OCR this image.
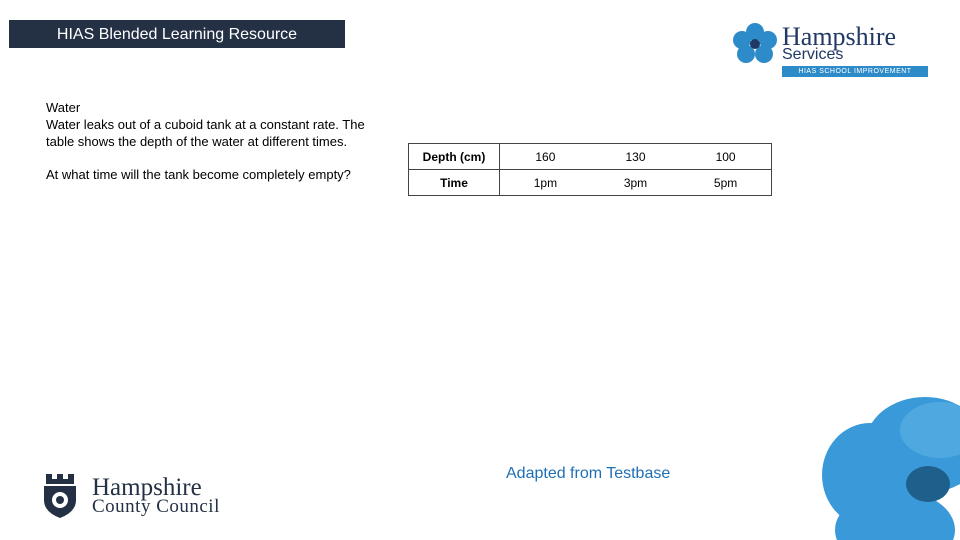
HIAS Blended Learning Resource	Hampshire
Services
HIAS SCHOOL IMPROVEMENT
Water
Water leaks out of a cuboid tank at a constant rate. The table shows the depth of the water at different times.
At what time will the tank become completely empty?
Depth (cm)	160	130	100
Time	1pm	3pm	5pm
Adapted from Testbase
Hampshire
County Council
